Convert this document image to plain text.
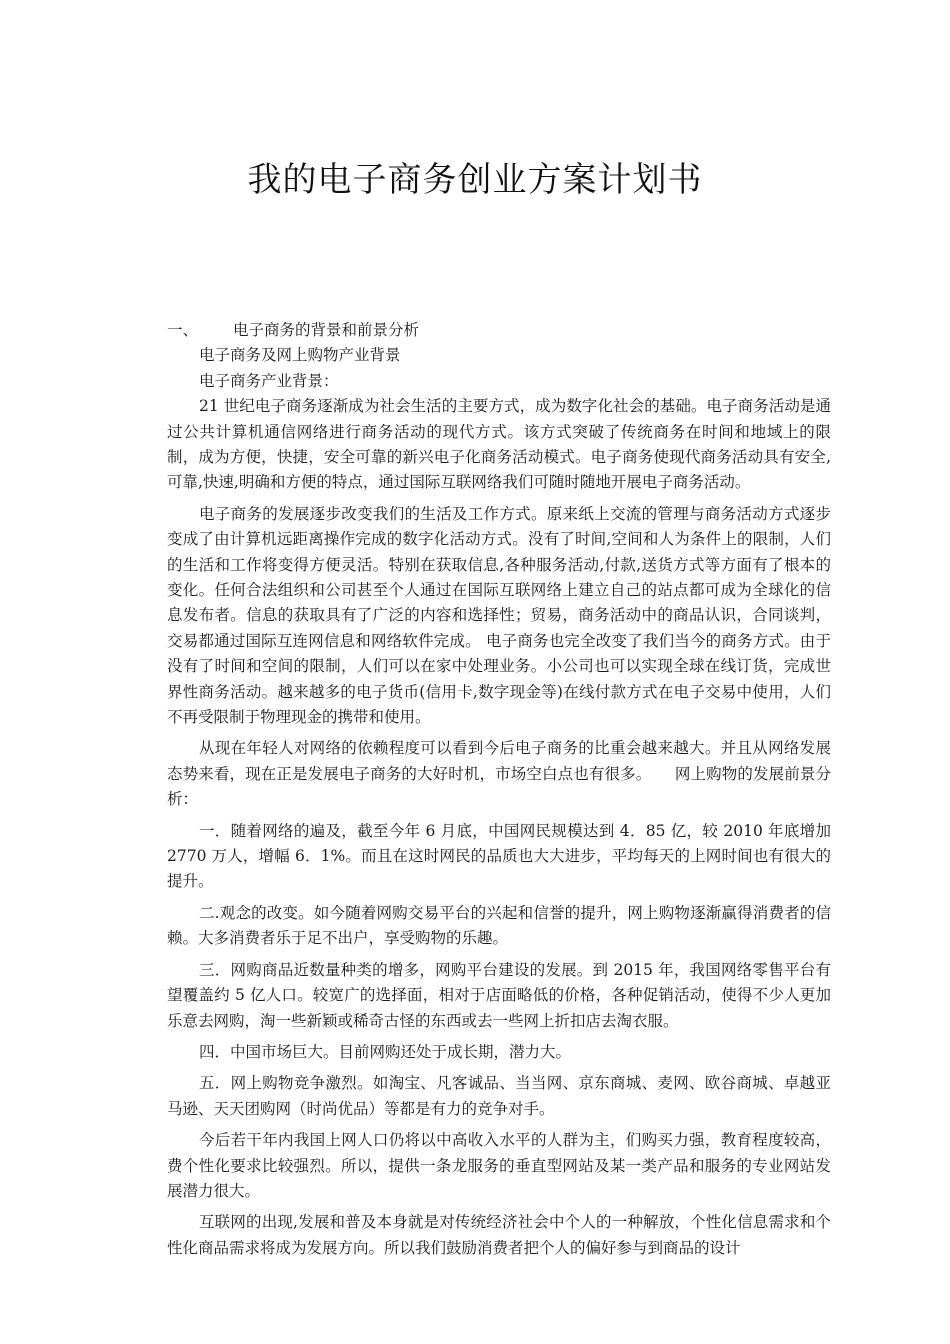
我的电子商务创业方案计划书
一、 电子商务的背景和前景分析
电子商务及网上购物产业背景
电子商务产业背景：

21 世纪电子商务逐渐成为社会生活的主要方式，成为数字化社会的基础。电子商务活动是通过公共计算机通信网络进行商务活动的现代方式。该方式突破了传统商务在时间和地域上的限制，成为方便，快捷，安全可靠的新兴电子化商务活动模式。电子商务使现代商务活动具有安全,可靠,快速,明确和方便的特点，通过国际互联网络我们可随时随地开展电子商务活动。

电子商务的发展逐步改变我们的生活及工作方式。原来纸上交流的管理与商务活动方式逐步变成了由计算机远距离操作完成的数字化活动方式。没有了时间,空间和人为条件上的限制，人们的生活和工作将变得方便灵活。特别在获取信息,各种服务活动,付款,送货方式等方面有了根本的变化。任何合法组织和公司甚至个人通过在国际互联网络上建立自己的站点都可成为全球化的信息发布者。信息的获取具有了广泛的内容和选择性；贸易，商务活动中的商品认识，合同谈判，交易都通过国际互连网信息和网络软件完成。 电子商务也完全改变了我们当今的商务方式。由于没有了时间和空间的限制，人们可以在家中处理业务。小公司也可以实现全球在线订货，完成世界性商务活动。越来越多的电子货币(信用卡,数字现金等)在线付款方式在电子交易中使用，人们不再受限制于物理现金的携带和使用。

从现在年轻人对网络的依赖程度可以看到今后电子商务的比重会越来越大。并且从网络发展态势来看，现在正是发展电子商务的大好时机，市场空白点也有很多。　　网上购物的发展前景分析：

一．随着网络的遍及，截至今年 6 月底，中国网民规模达到 4．85 亿，较 2010 年底增加 2770 万人，增幅 6．1%。而且在这时网民的品质也大大进步，平均每天的上网时间也有很大的提升。

二.观念的改变。如今随着网购交易平台的兴起和信誉的提升，网上购物逐渐赢得消费者的信赖。大多消费者乐于足不出户，享受购物的乐趣。

三．网购商品近数量种类的增多，网购平台建设的发展。到 2015 年，我国网络零售平台有望覆盖约 5 亿人口。较宽广的选择面，相对于店面略低的价格，各种促销活动，使得不少人更加乐意去网购，淘一些新颖或稀奇古怪的东西或去一些网上折扣店去淘衣服。

四．中国市场巨大。目前网购还处于成长期，潜力大。

五．网上购物竞争激烈。如淘宝、凡客诚品、当当网、京东商城、麦网、欧谷商城、卓越亚马逊、天天团购网（时尚优品）等都是有力的竞争对手。

今后若干年内我国上网人口仍将以中高收入水平的人群为主，们购买力强，教育程度较高，费个性化要求比较强烈。所以，提供一条龙服务的垂直型网站及某一类产品和服务的专业网站发展潜力很大。

互联网的出现,发展和普及本身就是对传统经济社会中个人的一种解放，个性化信息需求和个性化商品需求将成为发展方向。所以我们鼓励消费者把个人的偏好参与到商品的设计
